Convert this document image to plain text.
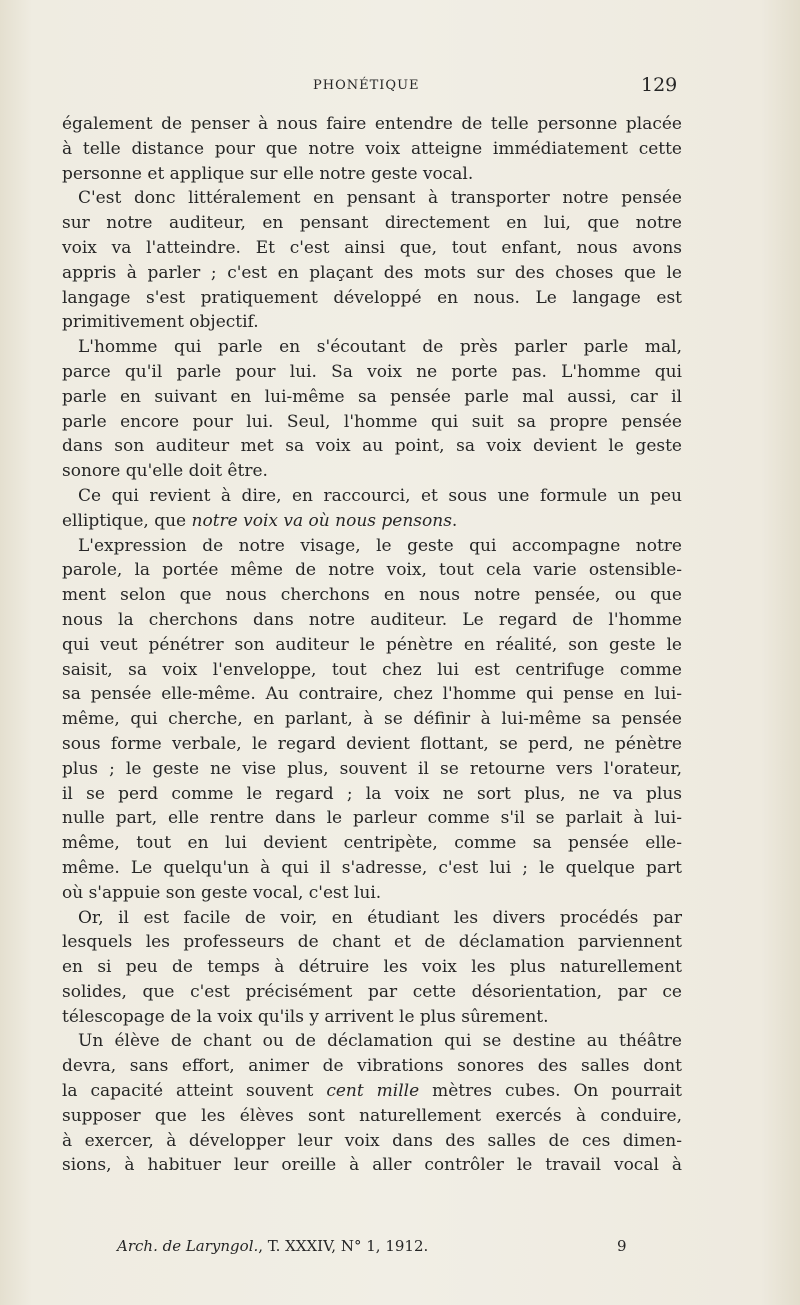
PHONÉTIQUE	129

également de penser à nous faire entendre de telle personne placée
à telle distance pour que notre voix atteigne immédiatement cette
personne et applique sur elle notre geste vocal.

C'est donc littéralement en pensant à transporter notre pensée
sur notre auditeur, en pensant directement en lui, que notre
voix va l'atteindre. Et c'est ainsi que, tout enfant, nous avons
appris à parler ; c'est en plaçant des mots sur des choses que le
langage s'est pratiquement développé en nous. Le langage est
primitivement objectif.

L'homme qui parle en s'écoutant de près parler parle mal,
parce qu'il parle pour lui. Sa voix ne porte pas. L'homme qui
parle en suivant en lui-même sa pensée parle mal aussi, car il
parle encore pour lui. Seul, l'homme qui suit sa propre pensée
dans son auditeur met sa voix au point, sa voix devient le geste
sonore qu'elle doit être.

Ce qui revient à dire, en raccourci, et sous une formule un peu
elliptique, que notre voix va où nous pensons.

L'expression de notre visage, le geste qui accompagne notre
parole, la portée même de notre voix, tout cela varie ostensible-
ment selon que nous cherchons en nous notre pensée, ou que
nous la cherchons dans notre auditeur. Le regard de l'homme
qui veut pénétrer son auditeur le pénètre en réalité, son geste le
saisit, sa voix l'enveloppe, tout chez lui est centrifuge comme
sa pensée elle-même. Au contraire, chez l'homme qui pense en lui-
même, qui cherche, en parlant, à se définir à lui-même sa pensée
sous forme verbale, le regard devient flottant, se perd, ne pénètre
plus ; le geste ne vise plus, souvent il se retourne vers l'orateur,
il se perd comme le regard ; la voix ne sort plus, ne va plus
nulle part, elle rentre dans le parleur comme s'il se parlait à lui-
même, tout en lui devient centripète, comme sa pensée elle-
même. Le quelqu'un à qui il s'adresse, c'est lui ; le quelque part
où s'appuie son geste vocal, c'est lui.

Or, il est facile de voir, en étudiant les divers procédés par
lesquels les professeurs de chant et de déclamation parviennent
en si peu de temps à détruire les voix les plus naturellement
solides, que c'est précisément par cette désorientation, par ce
télescopage de la voix qu'ils y arrivent le plus sûrement.

Un élève de chant ou de déclamation qui se destine au théâtre
devra, sans effort, animer de vibrations sonores des salles dont
la capacité atteint souvent cent mille mètres cubes. On pourrait
supposer que les élèves sont naturellement exercés à conduire,
à exercer, à développer leur voix dans des salles de ces dimen-
sions, à habituer leur oreille à aller contrôler le travail vocal à

Arch. de Laryngol., T. XXXIV, N° 1, 1912.	9
